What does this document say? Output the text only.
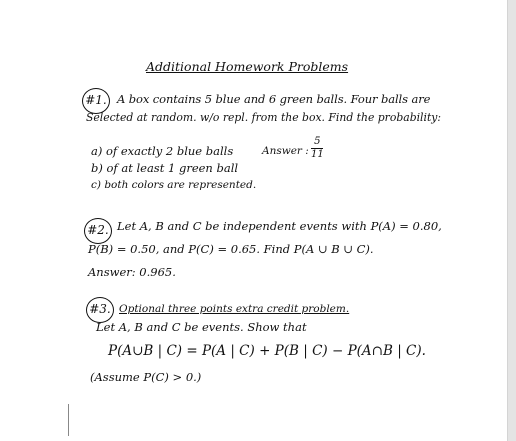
Additional Homework Problems
#1. A box contains 5 blue and 6 green balls. Four balls are
Selected at random. w/o repl. from the box. Find the probability:
a) of exactly 2 blue balls	Answer :
5
11
b) of at least 1 green ball
c) both colors are represented.
#2. Let A, B and C be independent events with P(A) = 0.80,
P(B) = 0.50, and P(C) = 0.65. Find P(A ∪ B ∪ C).
Answer: 0.965.
#3. Optional three points extra credit problem.
Let A, B and C be events. Show that
P(A∪B | C) = P(A | C) + P(B | C) − P(A∩B | C).
(Assume P(C) > 0.)
